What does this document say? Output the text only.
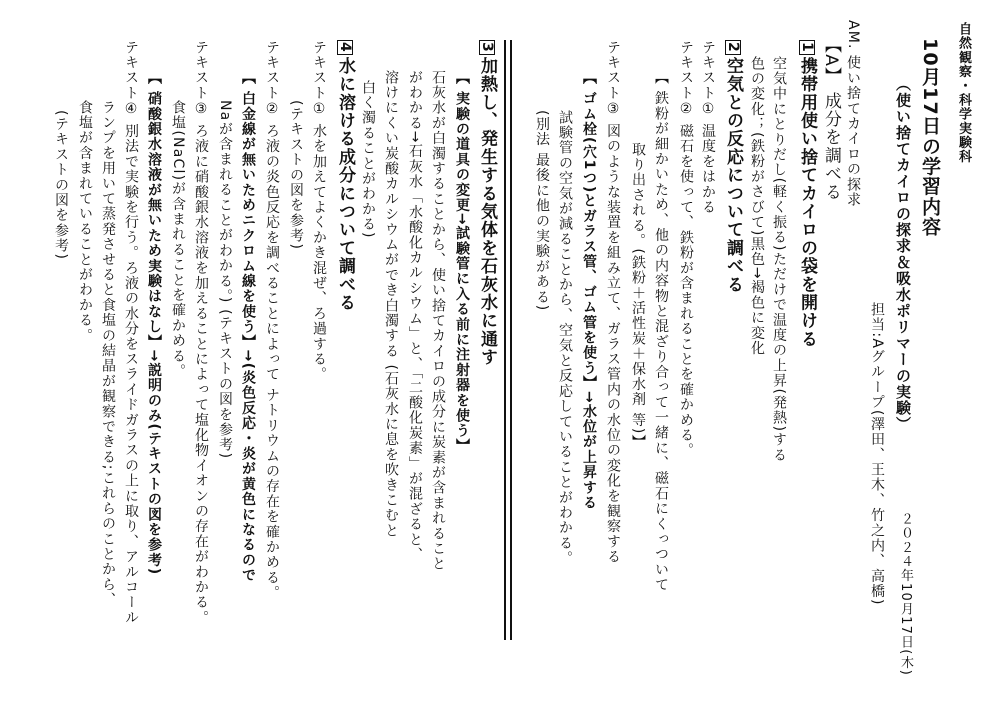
自然観察・科学実験科
10月17日の学習内容
（使い捨てカイロの探求＆吸水ポリマーの実験）
２０２４年10月17日(木)
担当:Aグループ(澤田、王木、竹之内、高橋)
AM. 使い捨てカイロの探求
【A】 成分を調べる
1携帯用使い捨てカイロの袋を開ける
空気中にとりだし(軽く振る)ただけで温度の上昇(発熱)する
色の変化；(鉄粉がさびて)黒色→褐色に変化
2空気との反応について調べる
テキスト① 温度をはかる
テキスト② 磁石を使って、鉄粉が含まれることを確かめる。
【 鉄粉が細かいため、他の内容物と混ざり合って一緒に、磁石にくっついて
取り出される。(鉄粉＋活性炭＋保水剤 等)】
テキスト③ 図のような装置を組み立て、ガラス管内の水位の変化を観察する
【 ゴム栓(穴1つ)とガラス管、ゴム管を使う】→水位が上昇する
試験管の空気が減ることから、空気と反応していることがわかる。
(別法 最後に他の実験がある)
3加熱し、発生する気体を石灰水に通す
【 実験の道具の変更→試験管に入る前に注射器を使う】
石灰水が白濁することから、使い捨てカイロの成分に炭素が含まれること
がわかる→石灰水「水酸化カルシウム」と、「二酸化炭素」が混ざると、
溶けにくい炭酸カルシウムができ白濁する (石灰水に息を吹きこむと
白く濁ることがわかる)
4水に溶ける成分について調べる
テキスト① 水を加えてよくかき混ぜ、ろ過する。
(テキストの図を参考)
テキスト② ろ液の炎色反応を調べることによって ナトリウムの存在を確かめる。
【 白金線が無いためニクロム線を使う】→(炎色反応・炎が黄色になるので
Naが含まれることがわかる。) (テキストの図を参考)
テキスト③ ろ液に硝酸銀水溶液を加えることによって塩化物イオンの存在がわかる。
食塩(NaCl)が含まれることを確かめる。
【 硝酸銀水溶液が無いため実験はなし】→説明のみ(テキストの図を参考)
テキスト④ 別法で実験を行う。ろ液の水分をスライドガラスの上に取り、アルコール
ランプを用いて蒸発させると食塩の結晶が観察できる;これらのことから、
食塩が含まれていることがわかる。
(テキストの図を参考)
